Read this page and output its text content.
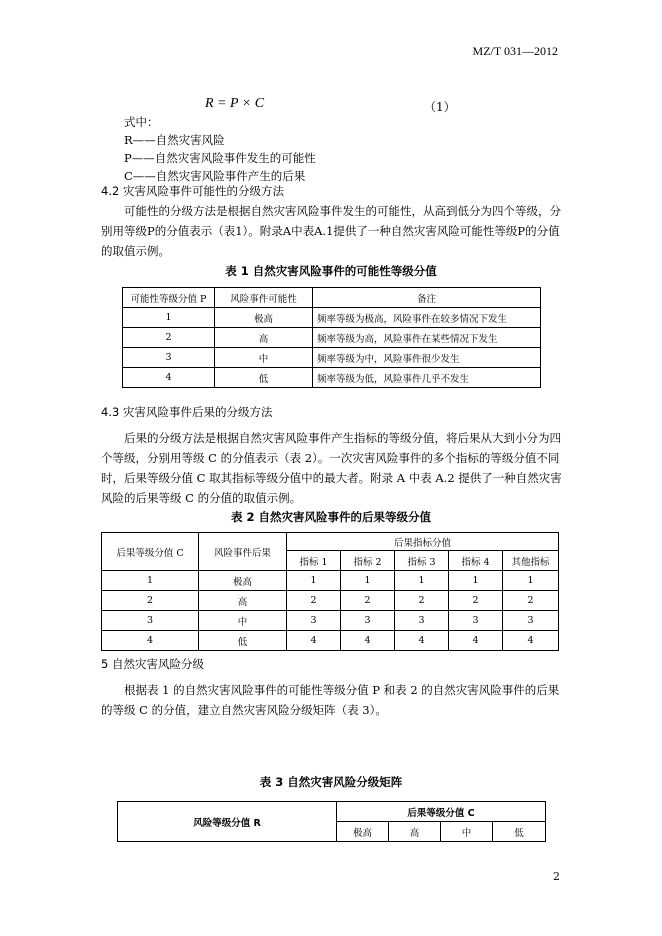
MZ/T 031—2012
R = P × C	（1）
式中：
R——自然灾害风险
P——自然灾害风险事件发生的可能性
C——自然灾害风险事件产生的后果
4.2 灾害风险事件可能性的分级方法
可能性的分级方法是根据自然灾害风险事件发生的可能性，从高到低分为四个等级，分
别用等级P的分值表示（表1）。附录A中表A.1提供了一种自然灾害风险可能性等级P的分值
的取值示例。
表 1 自然灾害风险事件的可能性等级分值
可能性等级分值 P	风险事件可能性	备注
1	极高	频率等级为极高，风险事件在较多情况下发生
2	高	频率等级为高，风险事件在某些情况下发生
3	中	频率等级为中，风险事件很少发生
4	低	频率等级为低，风险事件几乎不发生
4.3 灾害风险事件后果的分级方法
后果的分级方法是根据自然灾害风险事件产生指标的等级分值，将后果从大到小分为四
个等级，分别用等级 C 的分值表示（表 2）。一次灾害风险事件的多个指标的等级分值不同
时，后果等级分值 C 取其指标等级分值中的最大者。附录 A 中表 A.2 提供了一种自然灾害
风险的后果等级 C 的分值的取值示例。
表 2 自然灾害风险事件的后果等级分值
后果等级分值 C	风险事件后果	后果指标分值				
		指标 1	指标 2	指标 3	指标 4	其他指标
1	极高	1	1	1	1	1
2	高	2	2	2	2	2
3	中	3	3	3	3	3
4	低	4	4	4	4	4
5 自然灾害风险分级
根据表 1 的自然灾害风险事件的可能性等级分值 P 和表 2 的自然灾害风险事件的后果
的等级 C 的分值，建立自然灾害风险分级矩阵（表 3）。
表 3 自然灾害风险分级矩阵
风险等级分值 R	后果等级分值 C			
	极高	高	中	低
2
